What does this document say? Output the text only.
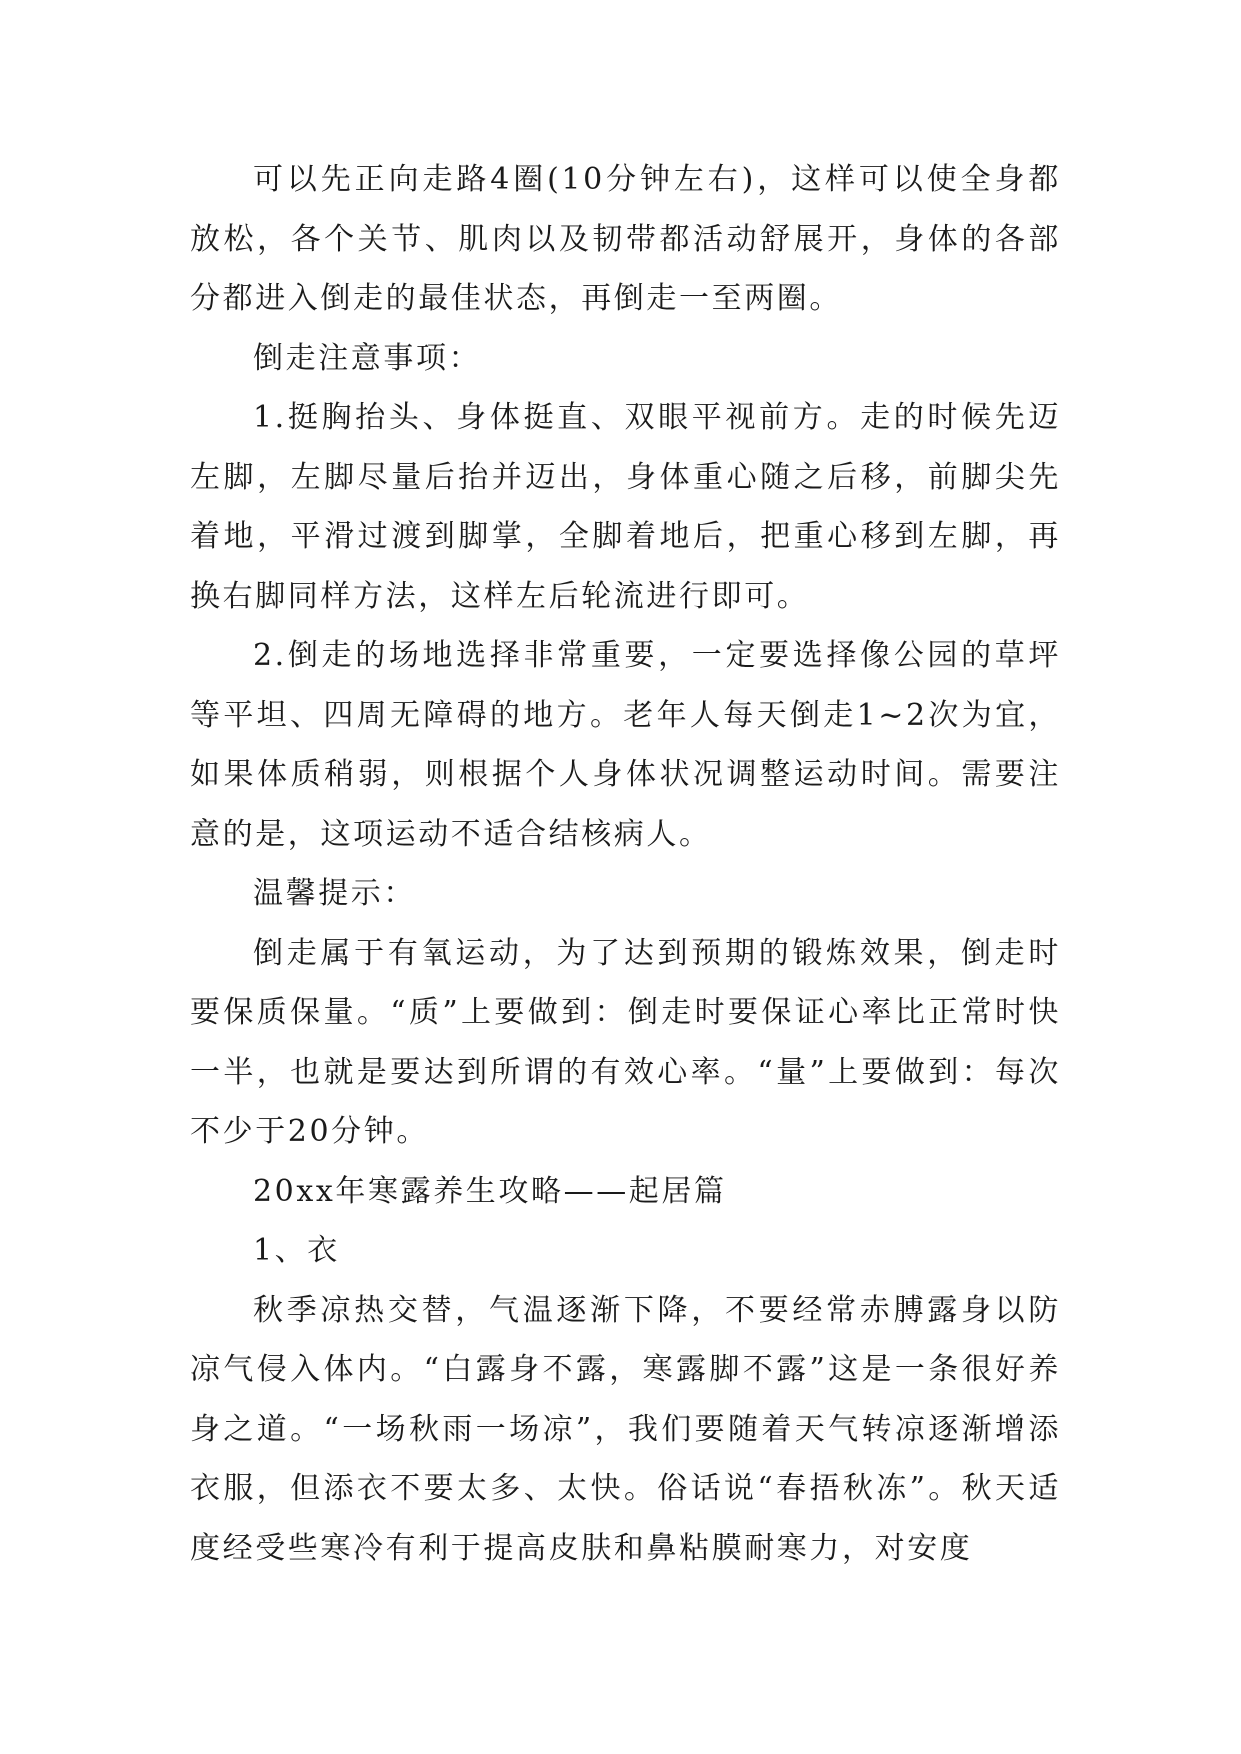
可以先正向走路4圈(10分钟左右)，这样可以使全身都放松，各个关节、肌肉以及韧带都活动舒展开，身体的各部分都进入倒走的最佳状态，再倒走一至两圈。

倒走注意事项：

1.挺胸抬头、身体挺直、双眼平视前方。走的时候先迈左脚，左脚尽量后抬并迈出，身体重心随之后移，前脚尖先着地，平滑过渡到脚掌，全脚着地后，把重心移到左脚，再换右脚同样方法，这样左后轮流进行即可。

2.倒走的场地选择非常重要，一定要选择像公园的草坪等平坦、四周无障碍的地方。老年人每天倒走1~2次为宜，如果体质稍弱，则根据个人身体状况调整运动时间。需要注意的是，这项运动不适合结核病人。

温馨提示：

倒走属于有氧运动，为了达到预期的锻炼效果，倒走时要保质保量。“质”上要做到：倒走时要保证心率比正常时快一半，也就是要达到所谓的有效心率。“量”上要做到：每次不少于20分钟。

20xx年寒露养生攻略——起居篇

1、衣

秋季凉热交替，气温逐渐下降，不要经常赤膊露身以防凉气侵入体内。“白露身不露，寒露脚不露”这是一条很好养身之道。“一场秋雨一场凉”，我们要随着天气转凉逐渐增添衣服，但添衣不要太多、太快。俗话说“春捂秋冻”。秋天适度经受些寒冷有利于提高皮肤和鼻粘膜耐寒力，对安度
